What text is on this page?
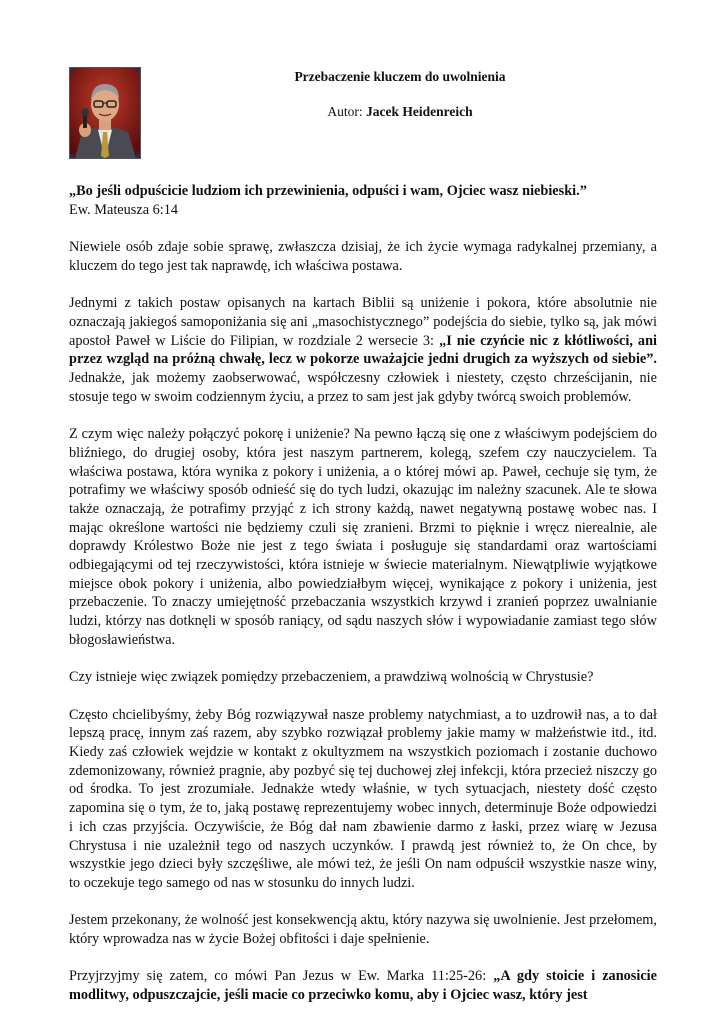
Przebaczenie kluczem do uwolnienia
Autor: Jacek Heidenreich

„Bo jeśli odpuścicie ludziom ich przewinienia, odpuści i wam, Ojciec wasz niebieski.”
Ew. Mateusza 6:14

Niewiele osób zdaje sobie sprawę, zwłaszcza dzisiaj, że ich życie wymaga radykalnej przemiany, a kluczem do tego jest tak naprawdę, ich właściwa postawa.

Jednymi z takich postaw opisanych na kartach Biblii są uniżenie i pokora, które absolutnie nie oznaczają jakiegoś samoponiżania się ani „masochistycznego” podejścia do siebie, tylko są, jak mówi apostoł Paweł w Liście do Filipian, w rozdziale 2 wersecie 3: „I nie czyńcie nic z kłótliwości, ani przez wzgląd na próżną chwałę, lecz w pokorze uważajcie jedni drugich za wyższych od siebie”. Jednakże, jak możemy zaobserwować, współczesny człowiek i niestety, często chrześcijanin, nie stosuje tego w swoim codziennym życiu, a przez to sam jest jak gdyby twórcą swoich problemów.

Z czym więc należy połączyć pokorę i uniżenie? Na pewno łączą się one z właściwym podejściem do bliźniego, do drugiej osoby, która jest naszym partnerem, kolegą, szefem czy nauczycielem. Ta właściwa postawa, która wynika z pokory i uniżenia, a o której mówi ap. Paweł, cechuje się tym, że potrafimy we właściwy sposób odnieść się do tych ludzi, okazując im należny szacunek. Ale te słowa także oznaczają, że potrafimy przyjąć z ich strony każdą, nawet negatywną postawę wobec nas. I mając określone wartości nie będziemy czuli się zranieni. Brzmi to pięknie i wręcz nierealnie, ale doprawdy Królestwo Boże nie jest z tego świata i posługuje się standardami oraz wartościami odbiegającymi od tej rzeczywistości, która istnieje w świecie materialnym. Niewątpliwie wyjątkowe miejsce obok pokory i uniżenia, albo powiedziałbym więcej, wynikające z pokory i uniżenia, jest przebaczenie. To znaczy umiejętność przebaczania wszystkich krzywd i zranień poprzez uwalnianie ludzi, którzy nas dotknęli w sposób raniący, od sądu naszych słów i wypowiadanie zamiast tego słów błogosławieństwa.

Czy istnieje więc związek pomiędzy przebaczeniem, a prawdziwą wolnością w Chrystusie?

Często chcielibyśmy, żeby Bóg rozwiązywał nasze problemy natychmiast, a to uzdrowił nas, a to dał lepszą pracę, innym zaś razem, aby szybko rozwiązał problemy jakie mamy w małżeństwie itd., itd. Kiedy zaś człowiek wejdzie w kontakt z okultyzmem na wszystkich poziomach i zostanie duchowo zdemonizowany, również pragnie, aby pozbyć się tej duchowej złej infekcji, która przecież niszczy go od środka. To jest zrozumiałe. Jednakże wtedy właśnie, w tych sytuacjach, niestety dość często zapomina się o tym, że to, jaką postawę reprezentujemy wobec innych, determinuje Boże odpowiedzi i ich czas przyjścia. Oczywiście, że Bóg dał nam zbawienie darmo z łaski, przez wiarę w Jezusa Chrystusa i nie uzależnił tego od naszych uczynków. I prawdą jest również to, że On chce, by wszystkie jego dzieci były szczęśliwe, ale mówi też, że jeśli On nam odpuścił wszystkie nasze winy, to oczekuje tego samego od nas w stosunku do innych ludzi.

Jestem przekonany, że wolność jest konsekwencją aktu, który nazywa się uwolnienie. Jest przełomem, który wprowadza nas w życie Bożej obfitości i daje spełnienie.

Przyjrzyjmy się zatem, co mówi Pan Jezus w Ew. Marka 11:25-26: „A gdy stoicie i zanosicie modlitwy, odpuszczajcie, jeśli macie co przeciwko komu, aby i Ojciec wasz, który jest
